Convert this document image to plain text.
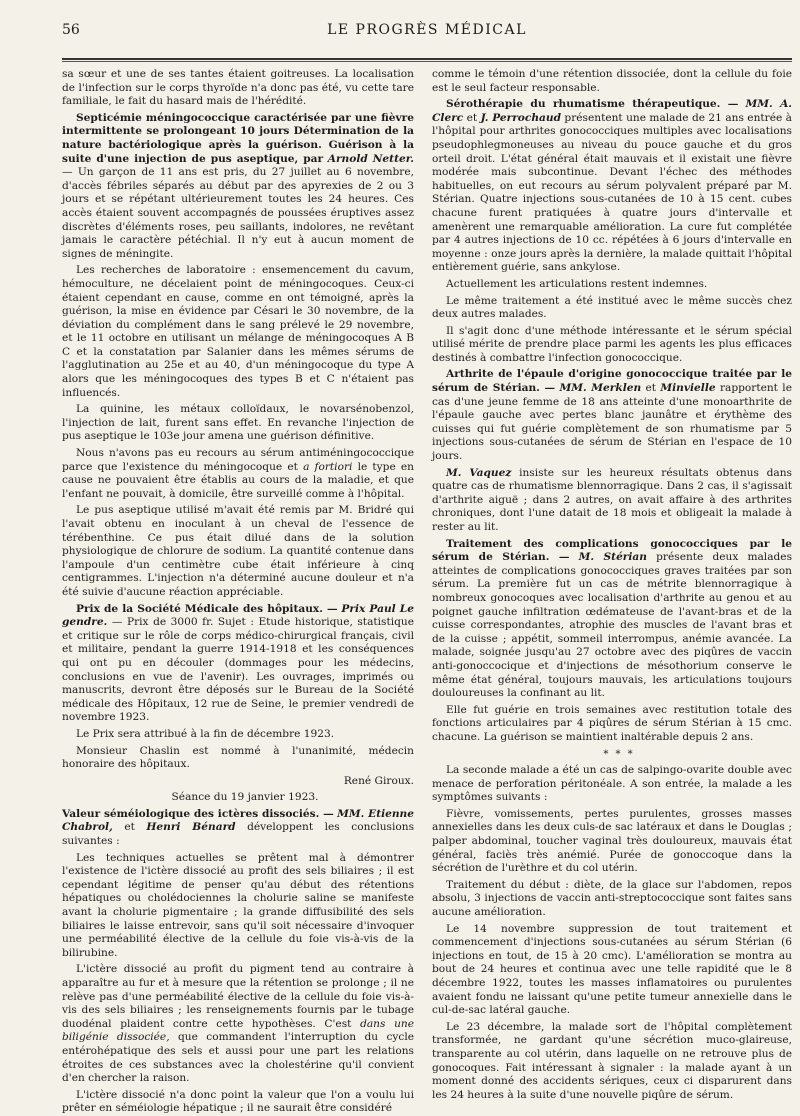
56	LE PROGRÈS MÉDICAL

sa sœur et une de ses tantes étaient goitreuses. La localisation de l'infection sur le corps thyroïde n'a donc pas été, vu cette tare familiale, le fait du hasard mais de l'hérédité.

Septicémie méningococcique caractérisée par une fièvre intermittente se prolongeant 10 jours Détermination de la nature bactériologique après la guérison. Guérison à la suite d'une injection de pus aseptique, par Arnold Netter. — Un garçon de 11 ans est pris, du 27 juillet au 6 novembre, d'accès fébriles séparés au début par des apyrexies de 2 ou 3 jours et se répétant ultérieurement toutes les 24 heures. Ces accès étaient souvent accompagnés de poussées éruptives assez discrètes d'éléments roses, peu saillants, indolores, ne revêtant jamais le caractère pétéchial. Il n'y eut à aucun moment de signes de méningite.

Les recherches de laboratoire : ensemencement du cavum, hémoculture, ne décelaient point de méningocoques. Ceux-ci étaient cependant en cause, comme en ont témoigné, après la guérison, la mise en évidence par Césari le 30 novembre, de la déviation du complément dans le sang prélevé le 29 novembre, et le 11 octobre en utilisant un mélange de méningocoques A B C et la constatation par Salanier dans les mêmes sérums de l'agglutination au 25e et au 40, d'un méningocoque du type A alors que les méningocoques des types B et C n'étaient pas influencés.

La quinine, les métaux colloïdaux, le novarsénobenzol, l'injection de lait, furent sans effet. En revanche l'injection de pus aseptique le 103e jour amena une guérison définitive.

Nous n'avons pas eu recours au sérum antiméningococcique parce que l'existence du méningocoque et a fortiori le type en cause ne pouvaient être établis au cours de la maladie, et que l'enfant ne pouvait, à domicile, être surveillé comme à l'hôpital.

Le pus aseptique utilisé m'avait été remis par M. Bridré qui l'avait obtenu en inoculant à un cheval de l'essence de térébenthine. Ce pus était dilué dans de la solution physiologique de chlorure de sodium. La quantité contenue dans l'ampoule d'un centimètre cube était inférieure à cinq centigrammes. L'injection n'a déterminé aucune douleur et n'a été suivie d'aucune réaction appréciable.

Prix de la Société Médicale des hôpitaux. — Prix Paul Le gendre. — Prix de 3000 fr. Sujet : Etude historique, statistique et critique sur le rôle de corps médico-chirurgical français, civil et militaire, pendant la guerre 1914-1918 et les conséquences qui ont pu en découler (dommages pour les médecins, conclusions en vue de l'avenir). Les ouvrages, imprimés ou manuscrits, devront être déposés sur le Bureau de la Société médicale des Hôpitaux, 12 rue de Seine, le premier vendredi de novembre 1923.

Le Prix sera attribué à la fin de décembre 1923.

Monsieur Chaslin est nommé à l'unanimité, médecin honoraire des hôpitaux.

René Giroux.

Séance du 19 janvier 1923.

Valeur séméiologique des ictères dissociés. — MM. Etienne Chabrol, et Henri Bénard développent les conclusions suivantes :

Les techniques actuelles se prêtent mal à démontrer l'existence de l'ictère dissocié au profit des sels biliaires ; il est cependant légitime de penser qu'au début des rétentions hépatiques ou cholédociennes la cholurie saline se manifeste avant la cholurie pigmentaire ; la grande diffusibilité des sels biliaires le laisse entrevoir, sans qu'il soit nécessaire d'invoquer une perméabilité élective de la cellule du foie vis-à-vis de la bilirubine.

L'ictère dissocié au profit du pigment tend au contraire à apparaître au fur et à mesure que la rétention se prolonge ; il ne relève pas d'une perméabilité élective de la cellule du foie vis-à-vis des sels biliaires ; les renseignements fournis par le tubage duodénal plaident contre cette hypothèses. C'est dans une biligénie dissociée, que commandent l'interruption du cycle entérohépatique des sels et aussi pour une part les relations étroites de ces substances avec la cholestérine qu'il convient d'en chercher la raison.

L'ictère dissocié n'a donc point la valeur que l'on a voulu lui prêter en séméiologie hépatique ; il ne saurait être considéré

comme le témoin d'une rétention dissociée, dont la cellule du foie est le seul facteur responsable.

Sérothérapie du rhumatisme thérapeutique. — MM. A. Clerc et J. Perrochaud présentent une malade de 21 ans entrée à l'hôpital pour arthrites gonococciques multiples avec localisations pseudophlegmoneuses au niveau du pouce gauche et du gros orteil droit. L'état général était mauvais et il existait une fièvre modérée mais subcontinue. Devant l'échec des méthodes habituelles, on eut recours au sérum polyvalent préparé par M. Stérian. Quatre injections sous-cutanées de 10 à 15 cent. cubes chacune furent pratiquées à quatre jours d'intervalle et amenèrent une remarquable amélioration. La cure fut complétée par 4 autres injections de 10 cc. répétées à 6 jours d'intervalle en moyenne : onze jours après la dernière, la malade quittait l'hôpital entièrement guérie, sans ankylose.

Actuellement les articulations restent indemnes.

Le même traitement a été institué avec le même succès chez deux autres malades.

Il s'agit donc d'une méthode intéressante et le sérum spécial utilisé mérite de prendre place parmi les agents les plus efficaces destinés à combattre l'infection gonococcique.

Arthrite de l'épaule d'origine gonococcique traitée par le sérum de Stérian. — MM. Merklen et Minvielle rapportent le cas d'une jeune femme de 18 ans atteinte d'une monoarthrite de l'épaule gauche avec pertes blanc jaunâtre et érythème des cuisses qui fut guérie complètement de son rhumatisme par 5 injections sous-cutanées de sérum de Stérian en l'espace de 10 jours.

M. Vaquez insiste sur les heureux résultats obtenus dans quatre cas de rhumatisme blennorragique. Dans 2 cas, il s'agissait d'arthrite aiguë ; dans 2 autres, on avait affaire à des arthrites chroniques, dont l'une datait de 18 mois et obligeait la malade à rester au lit.

Traitement des complications gonococciques par le sérum de Stérian. — M. Stérian présente deux malades atteintes de complications gonococciques graves traitées par son sérum. La première fut un cas de métrite blennorragique à nombreux gonocoques avec localisation d'arthrite au genou et au poignet gauche infiltration œdémateuse de l'avant-bras et de la cuisse correspondantes, atrophie des muscles de l'avant bras et de la cuisse ; appétit, sommeil interrompus, anémie avancée. La malade, soignée jusqu'au 27 octobre avec des piqûres de vaccin anti-gonoccocique et d'injections de mésothorium conserve le même état général, toujours mauvais, les articulations toujours douloureuses la confinant au lit.

Elle fut guérie en trois semaines avec restitution totale des fonctions articulaires par 4 piqûres de sérum Stérian à 15 cmc. chacune. La guérison se maintient inaltérable depuis 2 ans.

* * *

La seconde malade a été un cas de salpingo-ovarite double avec menace de perforation péritonéale. A son entrée, la malade a les symptômes suivants :

Fièvre, vomissements, pertes purulentes, grosses masses annexielles dans les deux culs-de sac latéraux et dans le Douglas ; palper abdominal, toucher vaginal très douloureux, mauvais état général, faciès très anémié. Purée de gonoccoque dans la sécrétion de l'urèthre et du col utérin.

Traitement du début : diète, de la glace sur l'abdomen, repos absolu, 3 injections de vaccin anti-streptococcique sont faites sans aucune amélioration.

Le 14 novembre suppression de tout traitement et commencement d'injections sous-cutanées au sérum Stérian (6 injections en tout, de 15 à 20 cmc). L'amélioration se montra au bout de 24 heures et continua avec une telle rapidité que le 8 décembre 1922, toutes les masses inflamatoires ou purulentes avaient fondu ne laissant qu'une petite tumeur annexielle dans le cul-de-sac latéral gauche.

Le 23 décembre, la malade sort de l'hôpital complètement transformée, ne gardant qu'une sécrétion muco-glaireuse, transparente au col utérin, dans laquelle on ne retrouve plus de gonocoques. Fait intéressant à signaler : la malade ayant à un moment donné des accidents sériques, ceux ci disparurent dans les 24 heures à la suite d'une nouvelle piqûre de sérum.
